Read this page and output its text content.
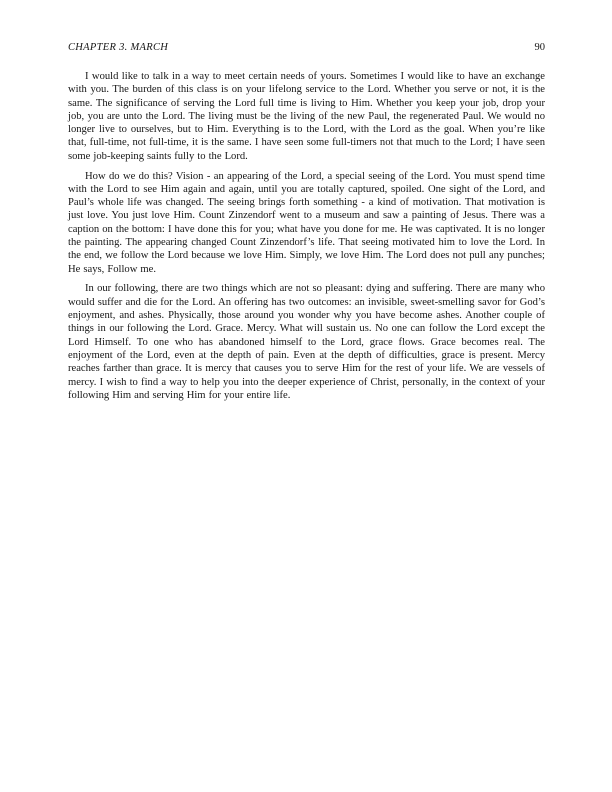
CHAPTER 3. MARCH	90

I would like to talk in a way to meet certain needs of yours. Sometimes I would like to have an exchange with you. The burden of this class is on your lifelong service to the Lord. Whether you serve or not, it is the same. The significance of serving the Lord full time is living to Him. Whether you keep your job, drop your job, you are unto the Lord. The living must be the living of the new Paul, the regenerated Paul. We would no longer live to ourselves, but to Him. Everything is to the Lord, with the Lord as the goal. When you’re like that, full-time, not full-time, it is the same. I have seen some full-timers not that much to the Lord; I have seen some job-keeping saints fully to the Lord.

How do we do this? Vision - an appearing of the Lord, a special seeing of the Lord. You must spend time with the Lord to see Him again and again, until you are totally captured, spoiled. One sight of the Lord, and Paul’s whole life was changed. The seeing brings forth something - a kind of motivation. That motivation is just love. You just love Him. Count Zinzendorf went to a museum and saw a painting of Jesus. There was a caption on the bottom: I have done this for you; what have you done for me. He was captivated. It is no longer the painting. The appearing changed Count Zinzendorf’s life. That seeing motivated him to love the Lord. In the end, we follow the Lord because we love Him. Simply, we love Him. The Lord does not pull any punches; He says, Follow me.

In our following, there are two things which are not so pleasant: dying and suffering. There are many who would suffer and die for the Lord. An offering has two outcomes: an invisible, sweet-smelling savor for God’s enjoyment, and ashes. Physically, those around you wonder why you have become ashes. Another couple of things in our following the Lord. Grace. Mercy. What will sustain us. No one can follow the Lord except the Lord Himself. To one who has abandoned himself to the Lord, grace flows. Grace becomes real. The enjoyment of the Lord, even at the depth of pain. Even at the depth of difficulties, grace is present. Mercy reaches farther than grace. It is mercy that causes you to serve Him for the rest of your life. We are vessels of mercy. I wish to find a way to help you into the deeper experience of Christ, personally, in the context of your following Him and serving Him for your entire life.
